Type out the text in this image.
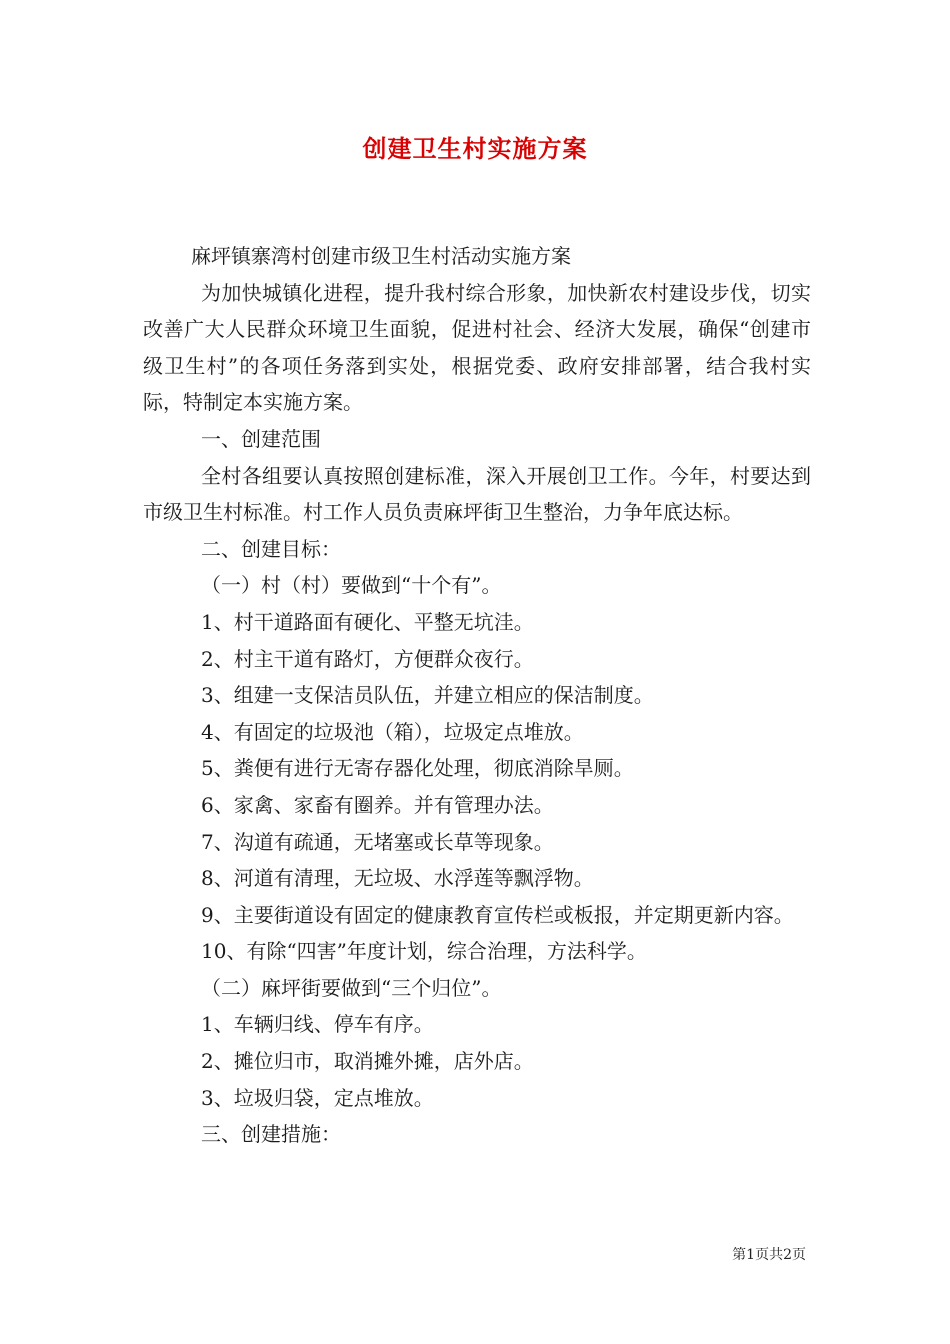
创建卫生村实施方案

麻坪镇寨湾村创建市级卫生村活动实施方案

为加快城镇化进程，提升我村综合形象，加快新农村建设步伐，切实改善广大人民群众环境卫生面貌，促进村社会、经济大发展，确保“创建市级卫生村”的各项任务落到实处，根据党委、政府安排部署，结合我村实际，特制定本实施方案。

一、创建范围

全村各组要认真按照创建标准，深入开展创卫工作。今年，村要达到市级卫生村标准。村工作人员负责麻坪街卫生整治，力争年底达标。

二、创建目标：

（一）村（村）要做到“十个有”。

1、村干道路面有硬化、平整无坑洼。

2、村主干道有路灯，方便群众夜行。

3、组建一支保洁员队伍，并建立相应的保洁制度。

4、有固定的垃圾池（箱），垃圾定点堆放。

5、粪便有进行无寄存器化处理，彻底消除旱厕。

6、家禽、家畜有圈养。并有管理办法。

7、沟道有疏通，无堵塞或长草等现象。

8、河道有清理，无垃圾、水浮莲等飘浮物。

9、主要街道设有固定的健康教育宣传栏或板报，并定期更新内容。

10、有除“四害”年度计划，综合治理，方法科学。

（二）麻坪街要做到“三个归位”。

1、车辆归线、停车有序。

2、摊位归市，取消摊外摊，店外店。

3、垃圾归袋，定点堆放。

三、创建措施：

第1页共2页
